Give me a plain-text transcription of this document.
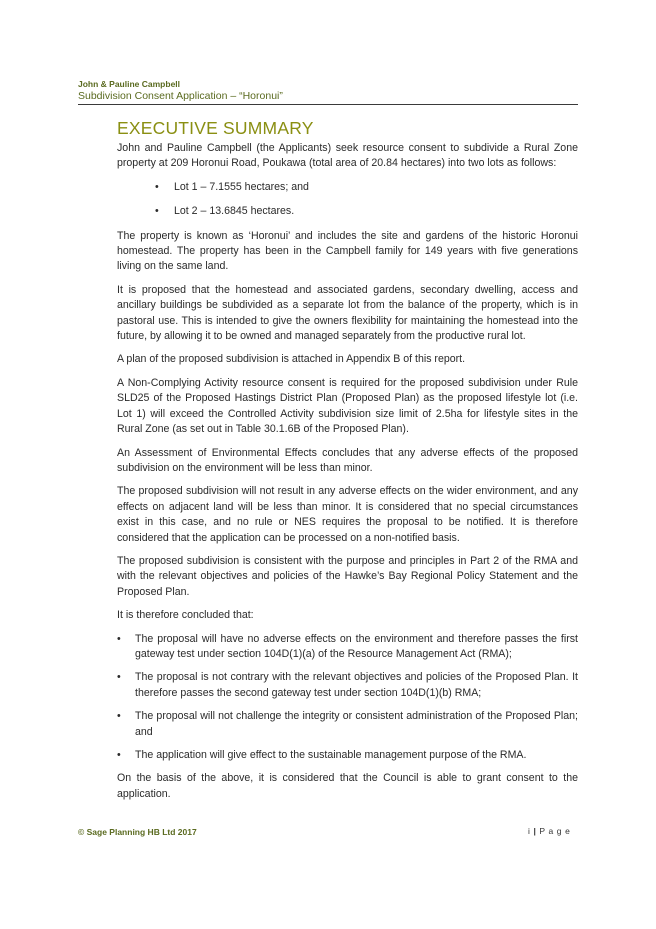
John & Pauline Campbell
Subdivision Consent Application – “Horonui”
EXECUTIVE SUMMARY

John and Pauline Campbell (the Applicants) seek resource consent to subdivide a Rural Zone property at 209 Horonui Road, Poukawa (total area of 20.84 hectares) into two lots as follows:

• Lot 1 – 7.1555 hectares; and
• Lot 2 – 13.6845 hectares.

The property is known as ‘Horonui’ and includes the site and gardens of the historic Horonui homestead. The property has been in the Campbell family for 149 years with five generations living on the same land.

It is proposed that the homestead and associated gardens, secondary dwelling, access and ancillary buildings be subdivided as a separate lot from the balance of the property, which is in pastoral use. This is intended to give the owners flexibility for maintaining the homestead into the future, by allowing it to be owned and managed separately from the productive rural lot.

A plan of the proposed subdivision is attached in Appendix B of this report.

A Non-Complying Activity resource consent is required for the proposed subdivision under Rule SLD25 of the Proposed Hastings District Plan (Proposed Plan) as the proposed lifestyle lot (i.e. Lot 1) will exceed the Controlled Activity subdivision size limit of 2.5ha for lifestyle sites in the Rural Zone (as set out in Table 30.1.6B of the Proposed Plan).

An Assessment of Environmental Effects concludes that any adverse effects of the proposed subdivision on the environment will be less than minor.

The proposed subdivision will not result in any adverse effects on the wider environment, and any effects on adjacent land will be less than minor. It is considered that no special circumstances exist in this case, and no rule or NES requires the proposal to be notified. It is therefore considered that the application can be processed on a non-notified basis.

The proposed subdivision is consistent with the purpose and principles in Part 2 of the RMA and with the relevant objectives and policies of the Hawke’s Bay Regional Policy Statement and the Proposed Plan.

It is therefore concluded that:

• The proposal will have no adverse effects on the environment and therefore passes the first gateway test under section 104D(1)(a) of the Resource Management Act (RMA);
• The proposal is not contrary with the relevant objectives and policies of the Proposed Plan. It therefore passes the second gateway test under section 104D(1)(b) RMA;
• The proposal will not challenge the integrity or consistent administration of the Proposed Plan; and
• The application will give effect to the sustainable management purpose of the RMA.

On the basis of the above, it is considered that the Council is able to grant consent to the application.

© Sage Planning HB Ltd 2017	i | P a g e
